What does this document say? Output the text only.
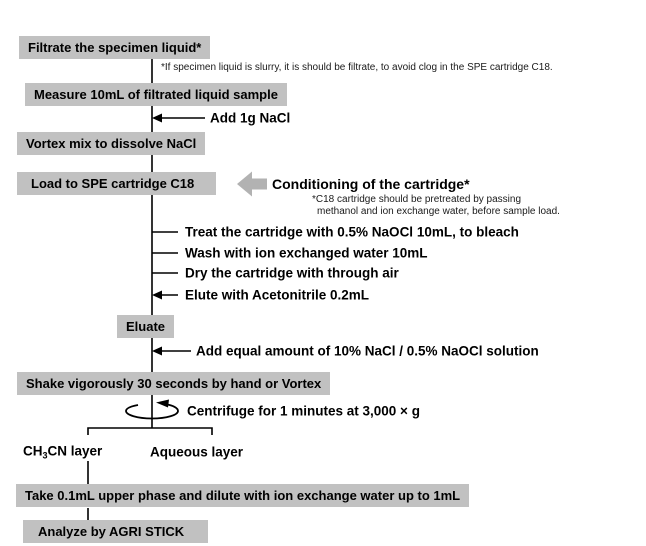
Filtrate the specimen liquid*
Measure 10mL of filtrated liquid sample
Vortex mix to dissolve NaCl
Load to SPE cartridge C18
Eluate
Shake vigorously 30 seconds by hand or Vortex
Take 0.1mL upper phase and dilute with ion exchange water up to 1mL
Analyze by AGRI STICK
*If specimen liquid is slurry, it is should be filtrate, to avoid clog in the SPE cartridge C18.
*C18 cartridge should be pretreated by passing
methanol and ion exchange water, before sample load.
Add 1g NaCl
Conditioning of the cartridge*
Treat the cartridge with 0.5% NaOCl 10mL, to bleach
Wash with ion exchanged water 10mL
Dry the cartridge with through air
Elute with Acetonitrile 0.2mL
Add equal amount of 10% NaCl / 0.5% NaOCl solution
Centrifuge for 1 minutes at 3,000 × g
$CH_3CN$ layer	Aqueous layer
